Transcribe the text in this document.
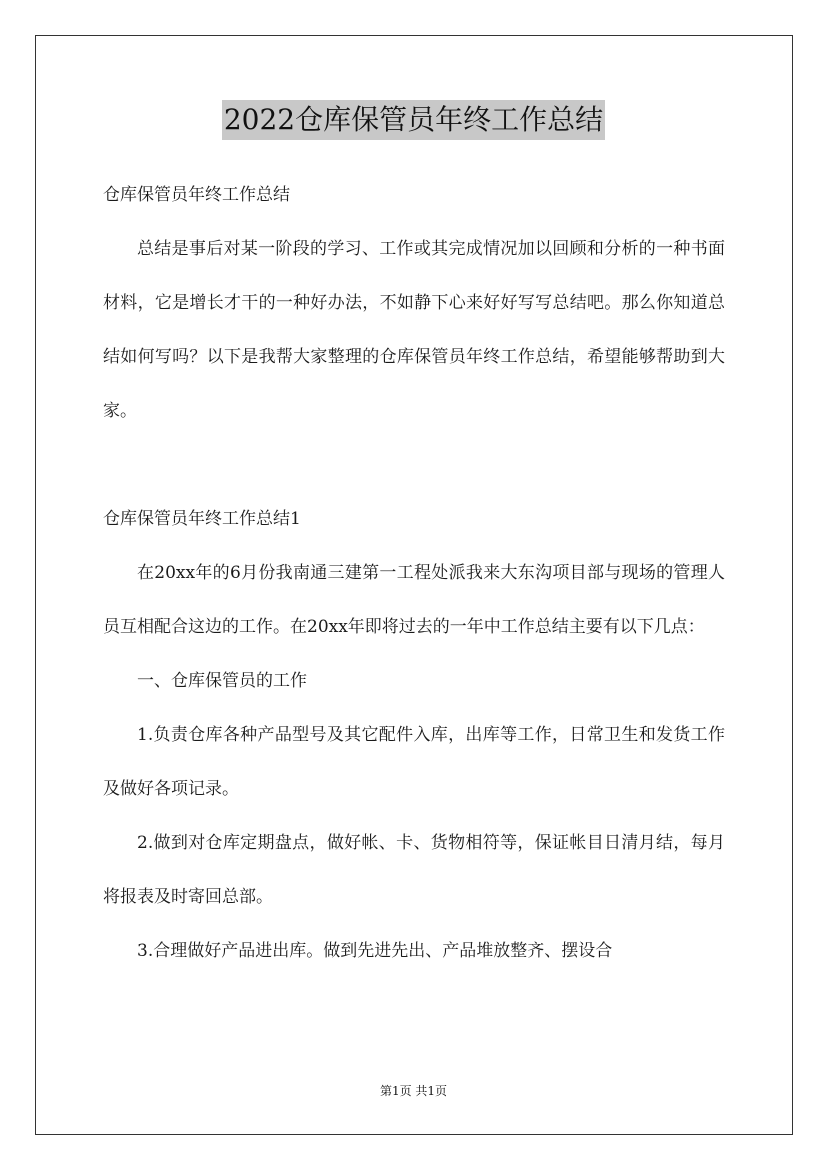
2022仓库保管员年终工作总结

仓库保管员年终工作总结

总结是事后对某一阶段的学习、工作或其完成情况加以回顾和分析的一种书面材料，它是增长才干的一种好办法，不如静下心来好好写写总结吧。那么你知道总结如何写吗？以下是我帮大家整理的仓库保管员年终工作总结，希望能够帮助到大家。

仓库保管员年终工作总结1

在20xx年的6月份我南通三建第一工程处派我来大东沟项目部与现场的管理人员互相配合这边的工作。在20xx年即将过去的一年中工作总结主要有以下几点：

一、仓库保管员的工作

1.负责仓库各种产品型号及其它配件入库，出库等工作，日常卫生和发货工作及做好各项记录。

2.做到对仓库定期盘点，做好帐、卡、货物相符等，保证帐目日清月结，每月将报表及时寄回总部。

3.合理做好产品进出库。做到先进先出、产品堆放整齐、摆设合

第1页 共1页
